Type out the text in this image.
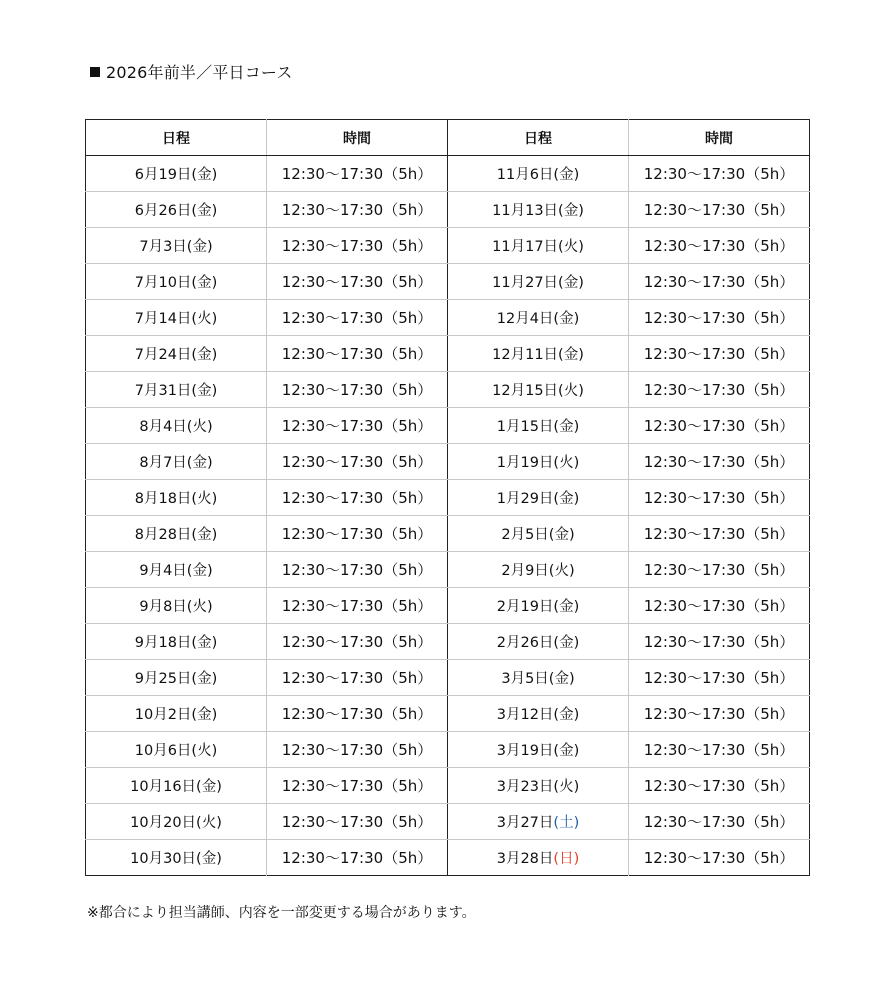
2026年前半／平日コース
日程	時間	日程	時間
6月19日(金)	12:30〜17:30（5h）	11月6日(金)	12:30〜17:30（5h）
6月26日(金)	12:30〜17:30（5h）	11月13日(金)	12:30〜17:30（5h）
7月3日(金)	12:30〜17:30（5h）	11月17日(火)	12:30〜17:30（5h）
7月10日(金)	12:30〜17:30（5h）	11月27日(金)	12:30〜17:30（5h）
7月14日(火)	12:30〜17:30（5h）	12月4日(金)	12:30〜17:30（5h）
7月24日(金)	12:30〜17:30（5h）	12月11日(金)	12:30〜17:30（5h）
7月31日(金)	12:30〜17:30（5h）	12月15日(火)	12:30〜17:30（5h）
8月4日(火)	12:30〜17:30（5h）	1月15日(金)	12:30〜17:30（5h）
8月7日(金)	12:30〜17:30（5h）	1月19日(火)	12:30〜17:30（5h）
8月18日(火)	12:30〜17:30（5h）	1月29日(金)	12:30〜17:30（5h）
8月28日(金)	12:30〜17:30（5h）	2月5日(金)	12:30〜17:30（5h）
9月4日(金)	12:30〜17:30（5h）	2月9日(火)	12:30〜17:30（5h）
9月8日(火)	12:30〜17:30（5h）	2月19日(金)	12:30〜17:30（5h）
9月18日(金)	12:30〜17:30（5h）	2月26日(金)	12:30〜17:30（5h）
9月25日(金)	12:30〜17:30（5h）	3月5日(金)	12:30〜17:30（5h）
10月2日(金)	12:30〜17:30（5h）	3月12日(金)	12:30〜17:30（5h）
10月6日(火)	12:30〜17:30（5h）	3月19日(金)	12:30〜17:30（5h）
10月16日(金)	12:30〜17:30（5h）	3月23日(火)	12:30〜17:30（5h）
10月20日(火)	12:30〜17:30（5h）	3月27日(土)	12:30〜17:30（5h）
10月30日(金)	12:30〜17:30（5h）	3月28日(日)	12:30〜17:30（5h）
※都合により担当講師、内容を一部変更する場合があります。
